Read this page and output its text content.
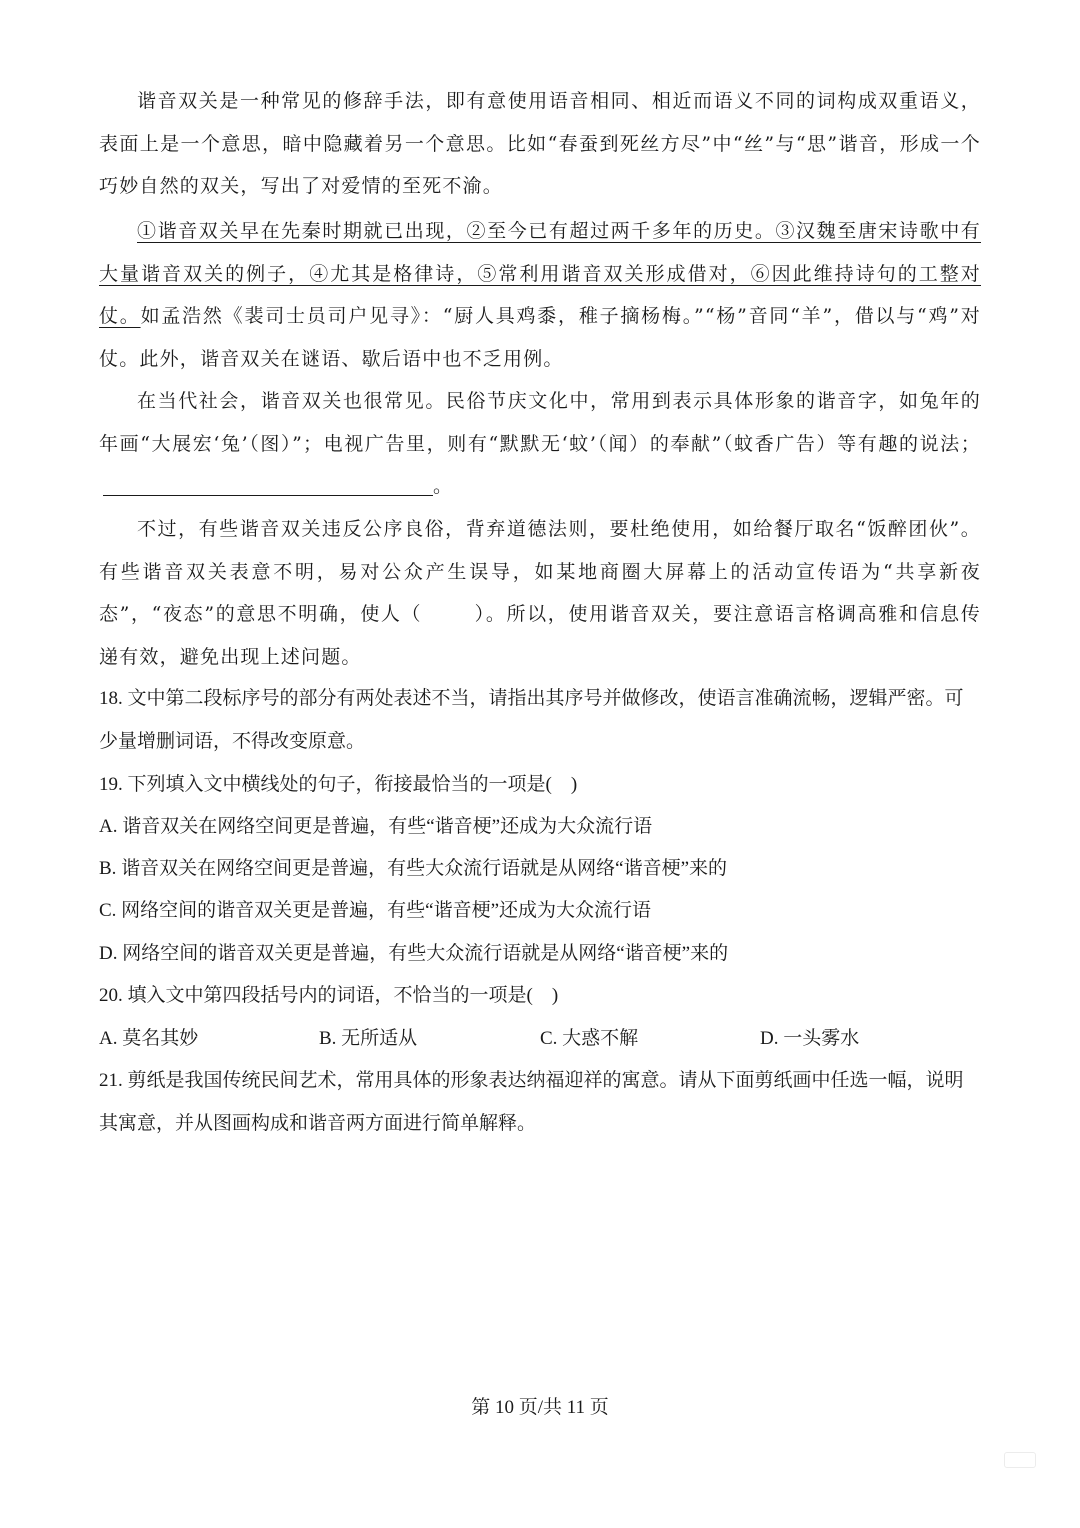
谐音双关是一种常见的修辞手法，即有意使用语音相同、相近而语义不同的词构成双重语义，表面上是一个意思，暗中隐藏着另一个意思。比如“春蚕到死丝方尽”中“丝”与“思”谐音，形成一个巧妙自然的双关，写出了对爱情的至死不渝。

①谐音双关早在先秦时期就已出现，②至今已有超过两千多年的历史。③汉魏至唐宋诗歌中有大量谐音双关的例子，④尤其是格律诗，⑤常利用谐音双关形成借对，⑥因此维持诗句的工整对仗。如孟浩然《裴司士员司户见寻》：“厨人具鸡黍，稚子摘杨梅。”“杨”音同“羊”，借以与“鸡”对仗。此外，谐音双关在谜语、歇后语中也不乏用例。

在当代社会，谐音双关也很常见。民俗节庆文化中，常用到表示具体形象的谐音字，如兔年的年画“大展宏‘兔’（图）”；电视广告里，则有“默默无‘蚊’（闻）的奉献”（蚊香广告）等有趣的说法；。

不过，有些谐音双关违反公序良俗，背弃道德法则，要杜绝使用，如给餐厅取名“饭醉团伙”。有些谐音双关表意不明，易对公众产生误导，如某地商圈大屏幕上的活动宣传语为“共享新夜态”，“夜态”的意思不明确，使人（	）。所以，使用谐音双关，要注意语言格调高雅和信息传递有效，避免出现上述问题。

18. 文中第二段标序号的部分有两处表述不当，请指出其序号并做修改，使语言准确流畅，逻辑严密。可少量增删词语，不得改变原意。

19. 下列填入文中横线处的句子，衔接最恰当的一项是(　)

A. 谐音双关在网络空间更是普遍，有些“谐音梗”还成为大众流行语

B. 谐音双关在网络空间更是普遍，有些大众流行语就是从网络“谐音梗”来的

C. 网络空间的谐音双关更是普遍，有些“谐音梗”还成为大众流行语

D. 网络空间的谐音双关更是普遍，有些大众流行语就是从网络“谐音梗”来的

20. 填入文中第四段括号内的词语，不恰当的一项是(　)

A. 莫名其妙	B. 无所适从	C. 大惑不解	D. 一头雾水

21. 剪纸是我国传统民间艺术，常用具体的形象表达纳福迎祥的寓意。请从下面剪纸画中任选一幅，说明其寓意，并从图画构成和谐音两方面进行简单解释。

第 10 页/共 11 页
